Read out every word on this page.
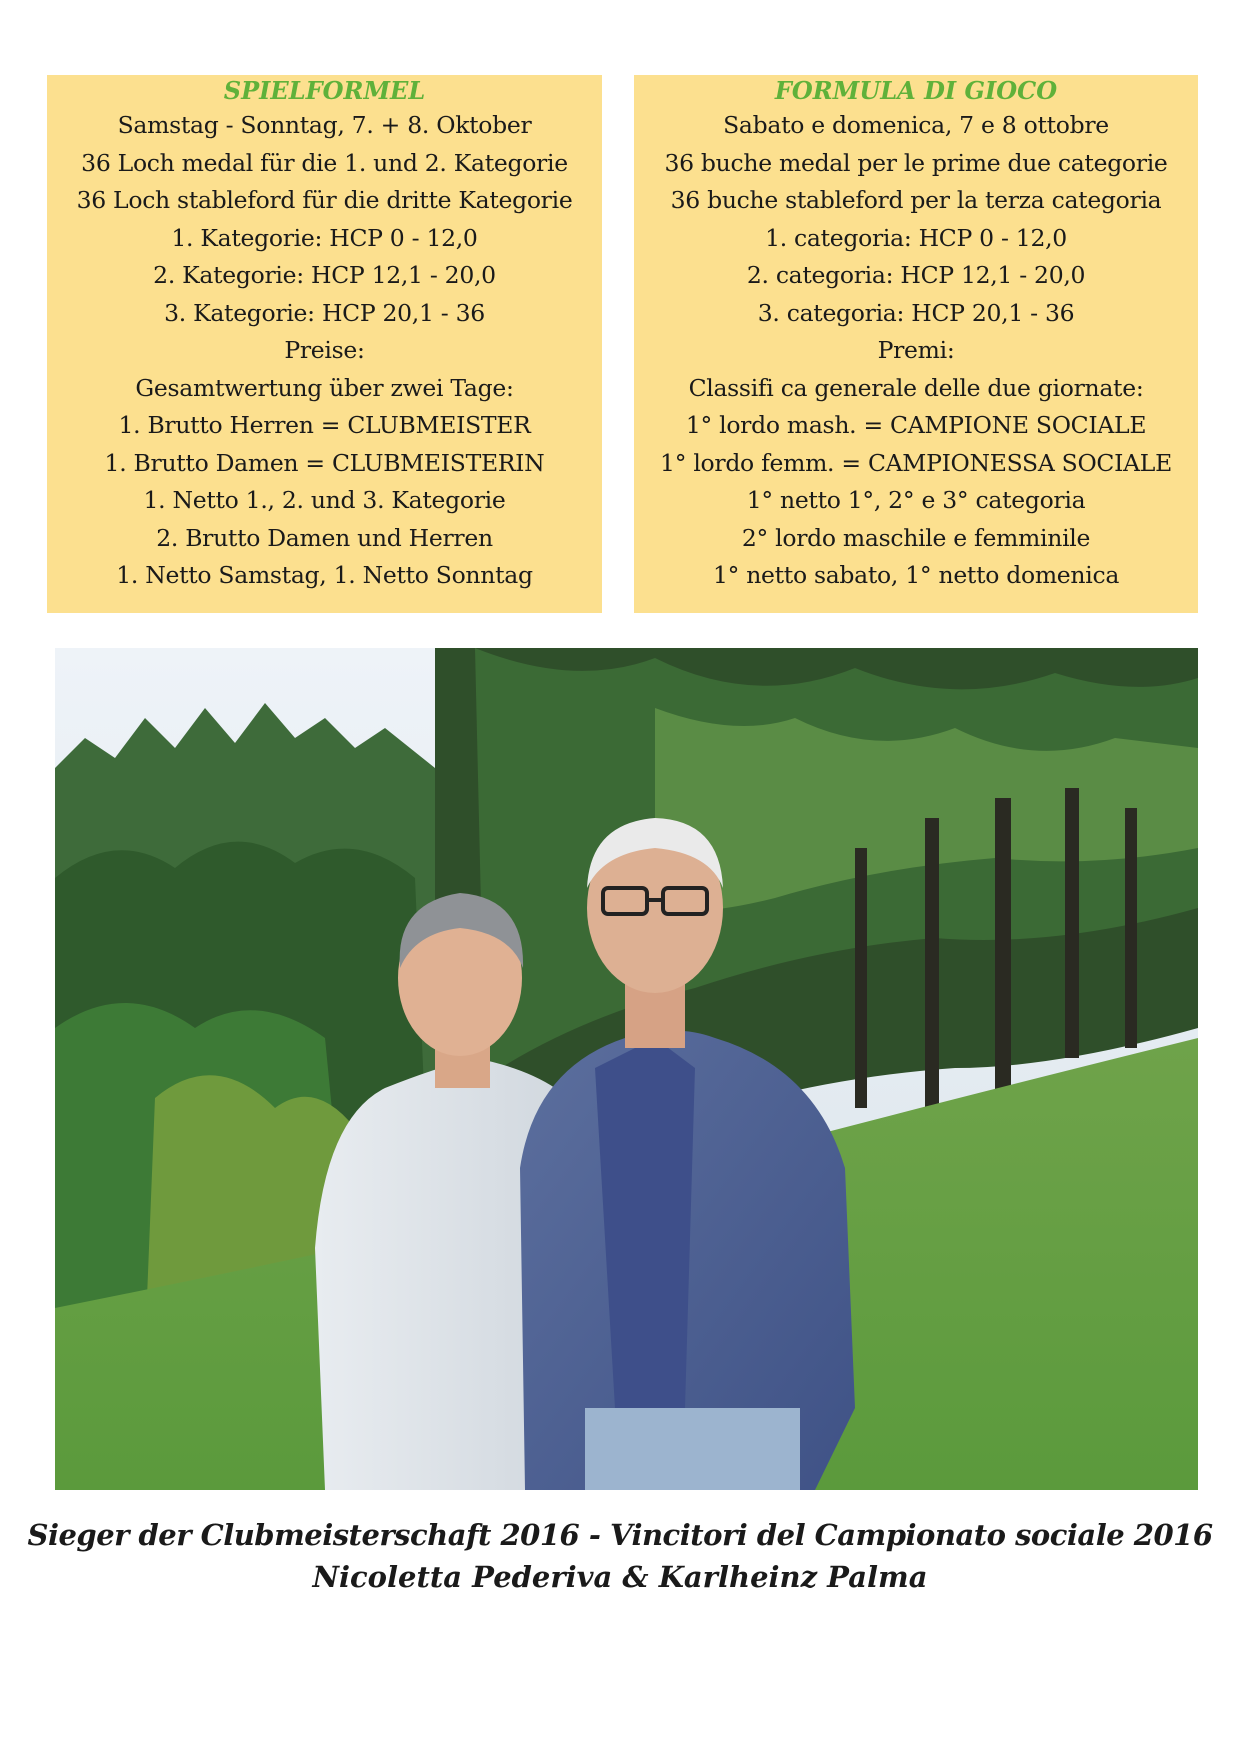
SPIELFORMEL
Samstag - Sonntag, 7. + 8. Oktober
36 Loch medal für die 1. und 2. Kategorie
36 Loch stableford für die dritte Kategorie
1. Kategorie: HCP 0 - 12,0
2. Kategorie: HCP 12,1 - 20,0
3. Kategorie: HCP 20,1 - 36
Preise:
Gesamtwertung über zwei Tage:
1. Brutto Herren = CLUBMEISTER
1. Brutto Damen = CLUBMEISTERIN
1. Netto 1., 2. und 3. Kategorie
2. Brutto Damen und Herren
1. Netto Samstag, 1. Netto Sonntag
FORMULA DI GIOCO
Sabato e domenica, 7 e 8 ottobre
36 buche medal per le prime due categorie
36 buche stableford per la terza categoria
1. categoria: HCP 0 - 12,0
2. categoria: HCP 12,1 - 20,0
3. categoria: HCP 20,1 - 36
Premi:
Classifi ca generale delle due giornate:
1° lordo mash. = CAMPIONE SOCIALE
1° lordo femm. = CAMPIONESSA SOCIALE
1° netto 1°, 2° e 3° categoria
2° lordo maschile e femminile
1° netto sabato, 1° netto domenica
Sieger der Clubmeisterschaft 2016 - Vincitori del Campionato sociale 2016
Nicoletta Pederiva & Karlheinz Palma
